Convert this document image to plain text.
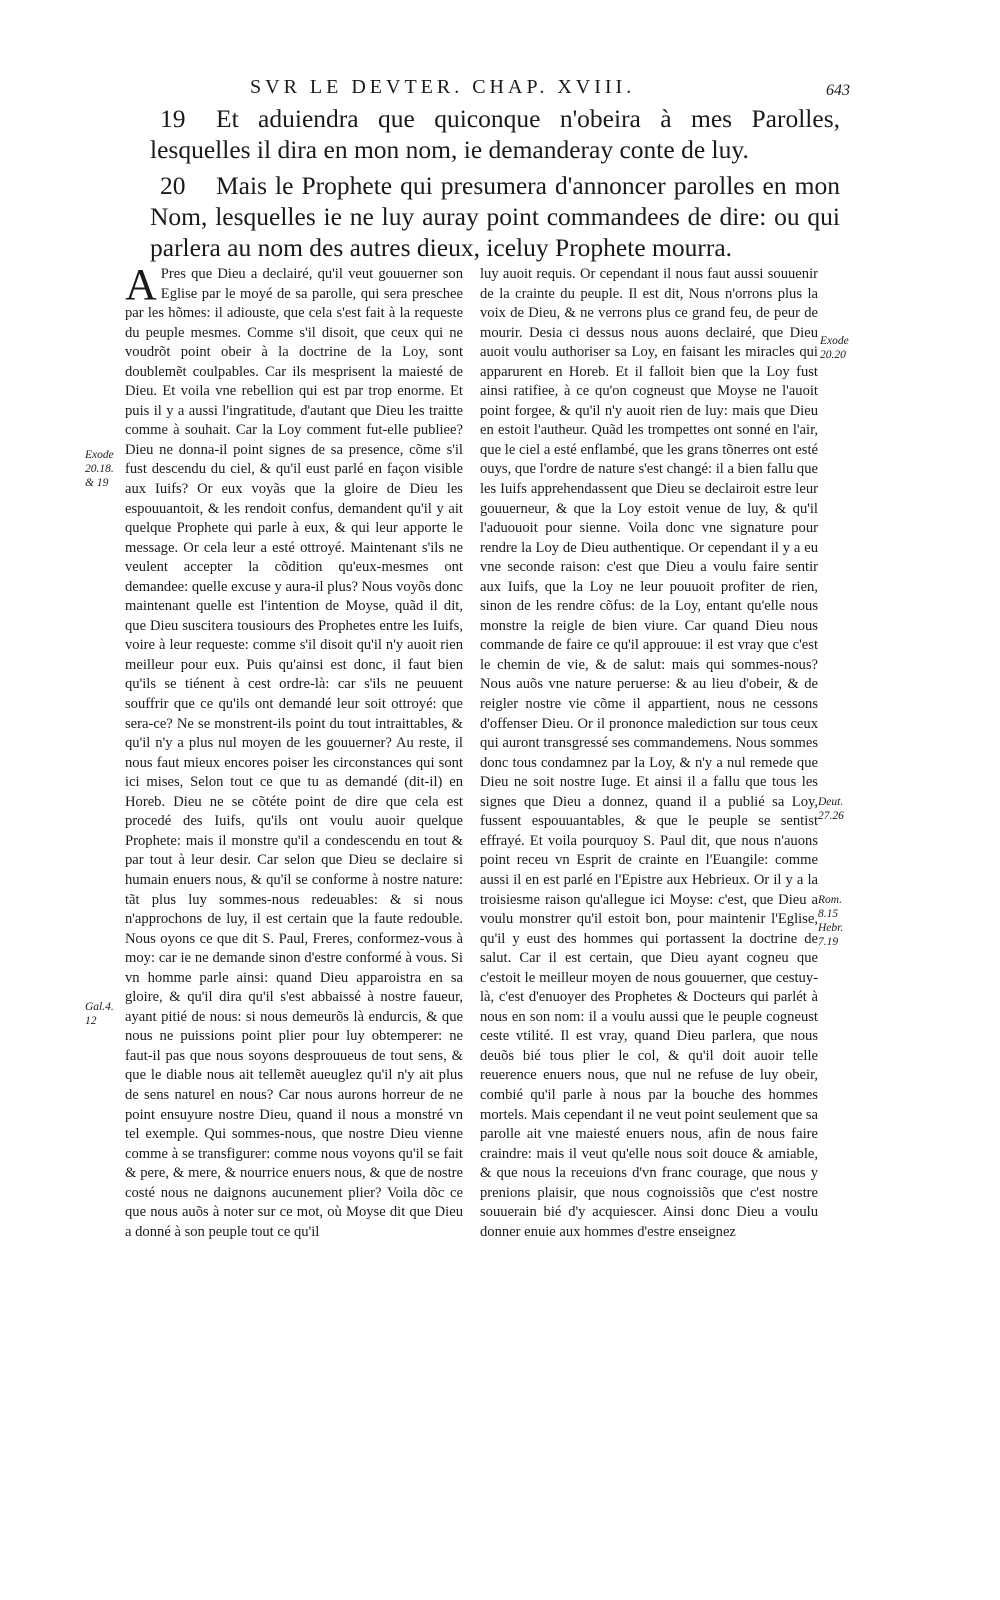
SVR LE DEVTER. CHAP. XVIII.	643
19 Et aduiendra que quiconque n'obeira à mes Parolles, lesquelles il dira en mon nom, ie demanderay conte de luy.
20 Mais le Prophete qui presumera d'annoncer parolles en mon Nom, lesquelles ie ne luy auray point commandees de dire: ou qui parlera au nom des autres dieux, iceluy Prophete mourra.

A Pres que Dieu a declairé, qu'il veut gouuerner son Eglise par le moyé de sa parolle, qui sera preschee par les hõmes: il adiouste, que cela s'est fait à la requeste du peuple mesmes. Comme s'il disoit, que ceux qui ne voudrõt point obeir à la doctrine de la Loy, sont doublemẽt coulpables. Car ils mesprisent la maiesté de Dieu. Et voila vne rebellion qui est par trop enorme. Et puis il y a aussi l'ingratitude, d'autant que Dieu les traitte comme à souhait. Car la Loy comment fut-elle publiee? Dieu ne donna-il point signes de sa presence, cõme s'il fust descendu du ciel, & qu'il eust parlé en façon visible aux Iuifs? Or eux voyãs que la gloire de Dieu les espouuantoit, & les rendoit confus, demandent qu'il y ait quelque Prophete qui parle à eux, & qui leur apporte le message. Or cela leur a esté ottroyé. Maintenant s'ils ne veulent accepter la cõdition qu'eux-mesmes ont demandee: quelle excuse y aura-il plus? Nous voyõs donc maintenant quelle est l'intention de Moyse, quãd il dit, que Dieu suscitera tousiours des Prophetes entre les Iuifs, voire à leur requeste: comme s'il disoit qu'il n'y auoit rien meilleur pour eux. Puis qu'ainsi est donc, il faut bien qu'ils se tiénent à cest ordre-là: car s'ils ne peuuent souffrir que ce qu'ils ont demandé leur soit ottroyé: que sera-ce? Ne se monstrent-ils point du tout intraittables, & qu'il n'y a plus nul moyen de les gouuerner? Au reste, il nous faut mieux encores poiser les circonstances qui sont ici mises, Selon tout ce que tu as demandé (dit-il) en Horeb. Dieu ne se cõtéte point de dire que cela est procedé des Iuifs, qu'ils ont voulu auoir quelque Prophete: mais il monstre qu'il a condescendu en tout & par tout à leur desir. Car selon que Dieu se declaire si humain enuers nous, & qu'il se conforme à nostre nature: tãt plus luy sommes-nous redeuables: & si nous n'approchons de luy, il est certain que la faute redouble. Nous oyons ce que dit S. Paul, Freres, conformez-vous à moy: car ie ne demande sinon d'estre conformé à vous. Si vn homme parle ainsi: quand Dieu apparoistra en sa gloire, & qu'il dira qu'il s'est abbaissé à nostre faueur, ayant pitié de nous: si nous demeurõs là endurcis, & que nous ne puissions point plier pour luy obtemperer: ne faut-il pas que nous soyons desprouueus de tout sens, & que le diable nous ait tellemẽt aueuglez qu'il n'y ait plus de sens naturel en nous? Car nous aurons horreur de ne point ensuyure nostre Dieu, quand il nous a monstré vn tel exemple. Qui sommes-nous, que nostre Dieu vienne comme à se transfigurer: comme nous voyons qu'il se fait & pere, & mere, & nourrice enuers nous, & que de nostre costé nous ne daignons aucunement plier? Voila dõc ce que nous auõs à noter sur ce mot, où Moyse dit que Dieu a donné à son peuple tout ce qu'il

luy auoit requis. Or cependant il nous faut aussi souuenir de la crainte du peuple. Il est dit, Nous n'orrons plus la voix de Dieu, & ne verrons plus ce grand feu, de peur de mourir. Desia ci dessus nous auons declairé, que Dieu auoit voulu authoriser sa Loy, en faisant les miracles qui apparurent en Horeb. Et il falloit bien que la Loy fust ainsi ratifiee, à ce qu'on cogneust que Moyse ne l'auoit point forgee, & qu'il n'y auoit rien de luy: mais que Dieu en estoit l'autheur. Quãd les trompettes ont sonné en l'air, que le ciel a esté enflambé, que les grans tõnerres ont esté ouys, que l'ordre de nature s'est changé: il a bien fallu que les Iuifs apprehendassent que Dieu se declairoit estre leur gouuerneur, & que la Loy estoit venue de luy, & qu'il l'aduouoit pour sienne. Voila donc vne signature pour rendre la Loy de Dieu authentique. Or cependant il y a eu vne seconde raison: c'est que Dieu a voulu faire sentir aux Iuifs, que la Loy ne leur pouuoit profiter de rien, sinon de les rendre cõfus: de la Loy, entant qu'elle nous monstre la reigle de bien viure. Car quand Dieu nous commande de faire ce qu'il approuue: il est vray que c'est le chemin de vie, & de salut: mais qui sommes-nous? Nous auõs vne nature peruerse: & au lieu d'obeir, & de reigler nostre vie cõme il appartient, nous ne cessons d'offenser Dieu. Or il prononce malediction sur tous ceux qui auront transgressé ses commandemens. Nous sommes donc tous condamnez par la Loy, & n'y a nul remede que Dieu ne soit nostre Iuge. Et ainsi il a fallu que tous les signes que Dieu a donnez, quand il a publié sa Loy, fussent espouuantables, & que le peuple se sentist effrayé. Et voila pourquoy S. Paul dit, que nous n'auons point receu vn Esprit de crainte en l'Euangile: comme aussi il en est parlé en l'Epistre aux Hebrieux. Or il y a la troisiesme raison qu'allegue ici Moyse: c'est, que Dieu a voulu monstrer qu'il estoit bon, pour maintenir l'Eglise, qu'il y eust des hommes qui portassent la doctrine de salut. Car il est certain, que Dieu ayant cogneu que c'estoit le meilleur moyen de nous gouuerner, que cestuy-là, c'est d'enuoyer des Prophetes & Docteurs qui parlét à nous en son nom: il a voulu aussi que le peuple cogneust ceste vtilité. Il est vray, quand Dieu parlera, que nous deuõs bié tous plier le col, & qu'il doit auoir telle reuerence enuers nous, que nul ne refuse de luy obeir, combié qu'il parle à nous par la bouche des hommes mortels. Mais cependant il ne veut point seulement que sa parolle ait vne maiesté enuers nous, afin de nous faire craindre: mais il veut qu'elle nous soit douce & amiable, & que nous la receuions d'vn franc courage, que nous y prenions plaisir, que nous cognoissiõs que c'est nostre souuerain bié d'y acquiescer. Ainsi donc Dieu a voulu donner enuie aux hommes d'estre enseignez

Exode
20.18.
& 19
Exode
20.20
Deut.
27.26
Rom.
8.15
Hebr.
7.19
Gal.4.
12
